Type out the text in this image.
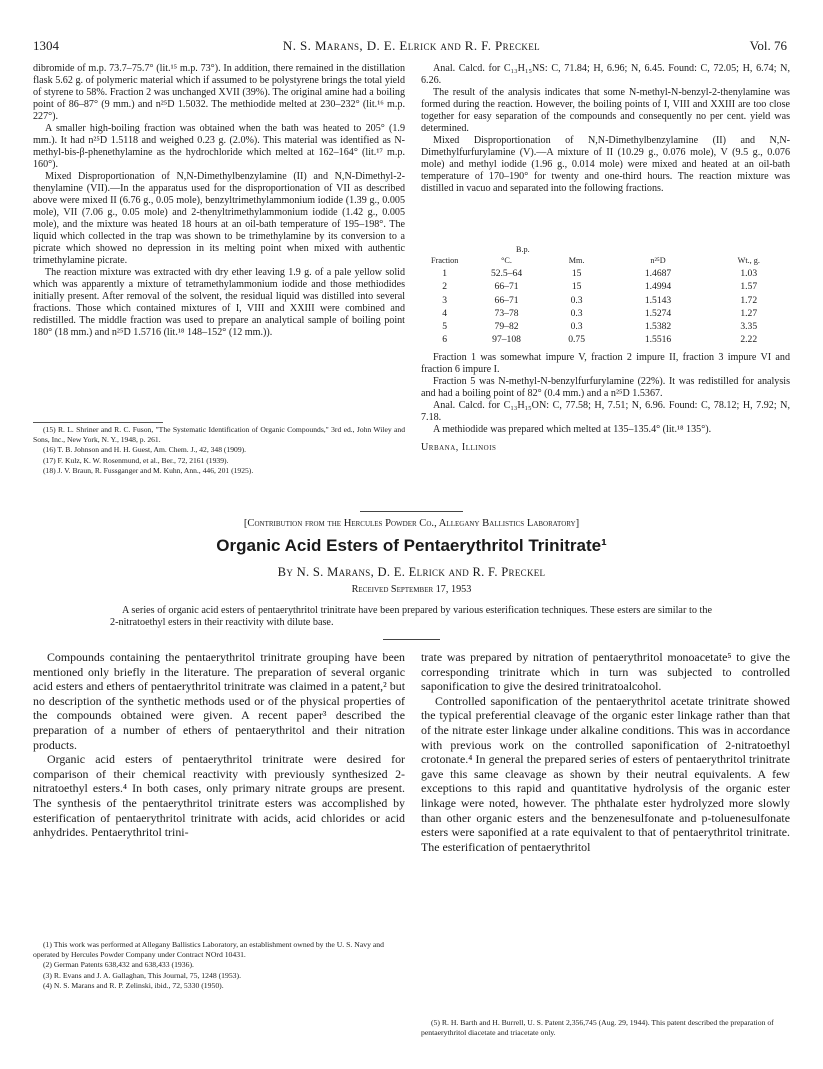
1304	N. S. Marans, D. E. Elrick and R. F. Preckel	Vol. 76

dibromide of m.p. 73.7–75.7° (lit.¹⁵ m.p. 73°). In addition, there remained in the distillation flask 5.62 g. of polymeric material which if assumed to be polystyrene brings the total yield of styrene to 58%. Fraction 2 was unchanged XVII (39%). The original amine had a boiling point of 86–87° (9 mm.) and n²⁵D 1.5032. The methiodide melted at 230–232° (lit.¹⁶ m.p. 227°).

A smaller high-boiling fraction was obtained when the bath was heated to 205° (1.9 mm.). It had n²⁵D 1.5118 and weighed 0.23 g. (2.0%). This material was identified as N-methyl-bis-β-phenethylamine as the hydrochloride which melted at 162–164° (lit.¹⁷ m.p. 160°).

Mixed Disproportionation of N,N-Dimethylbenzylamine (II) and N,N-Dimethyl-2-thenylamine (VII).—In the apparatus used for the disproportionation of VII as described above were mixed II (6.76 g., 0.05 mole), benzyltrimethylammonium iodide (1.39 g., 0.005 mole), VII (7.06 g., 0.05 mole) and 2-thenyltrimethylammonium iodide (1.42 g., 0.005 mole), and the mixture was heated 18 hours at an oil-bath temperature of 195–198°. The liquid which collected in the trap was shown to be trimethylamine by its conversion to a picrate which showed no depression in its melting point when mixed with authentic trimethylamine picrate.

The reaction mixture was extracted with dry ether leaving 1.9 g. of a pale yellow solid which was apparently a mixture of tetramethylammonium iodide and those methiodides initially present. After removal of the solvent, the residual liquid was distilled into several fractions. Those which contained mixtures of I, VIII and XXIII were combined and redistilled. The middle fraction was used to prepare an analytical sample of boiling point 180° (18 mm.) and n²⁵D 1.5716 (lit.¹⁸ 148–152° (12 mm.)).

(15) R. L. Shriner and R. C. Fuson, "The Systematic Identification of Organic Compounds," 3rd ed., John Wiley and Sons, Inc., New York, N. Y., 1948, p. 261.

(16) T. B. Johnson and H. H. Guest, Am. Chem. J., 42, 348 (1909).

(17) F. Kulz, K. W. Rosenmund, et al., Ber., 72, 2161 (1939).

(18) J. V. Braun, R. Fussganger and M. Kuhn, Ann., 446, 201 (1925).

Anal. Calcd. for C₁₃H₁₅NS: C, 71.84; H, 6.96; N, 6.45. Found: C, 72.05; H, 6.74; N, 6.26.

The result of the analysis indicates that some N-methyl-N-benzyl-2-thenylamine was formed during the reaction. However, the boiling points of I, VIII and XXIII are too close together for easy separation of the compounds and consequently no per cent. yield was determined.

Mixed Disproportionation of N,N-Dimethylbenzylamine (II) and N,N-Dimethylfurfurylamine (V).—A mixture of II (10.29 g., 0.076 mole), V (9.5 g., 0.076 mole) and methyl iodide (1.96 g., 0.014 mole) were mixed and heated at an oil-bath temperature of 170–190° for twenty and one-third hours. The reaction mixture was distilled in vacuo and separated into the following fractions.

B.p.
Fraction	°C.	Mm.	n²⁵D	Wt., g.
1	52.5–64	15	1.4687	1.03
2	66–71	15	1.4994	1.57
3	66–71	0.3	1.5143	1.72
4	73–78	0.3	1.5274	1.27
5	79–82	0.3	1.5382	3.35
6	97–108	0.75	1.5516	2.22

Fraction 1 was somewhat impure V, fraction 2 impure II, fraction 3 impure VI and fraction 6 impure I.

Fraction 5 was N-methyl-N-benzylfurfurylamine (22%). It was redistilled for analysis and had a boiling point of 82° (0.4 mm.) and a n²⁵D 1.5367.

Anal. Calcd. for C₁₃H₁₅ON: C, 77.58; H, 7.51; N, 6.96. Found: C, 78.12; H, 7.92; N, 7.18.

A methiodide was prepared which melted at 135–135.4° (lit.¹⁸ 135°).

Urbana, Illinois

[Contribution from the Hercules Powder Co., Allegany Ballistics Laboratory]
Organic Acid Esters of Pentaerythritol Trinitrate¹
By N. S. Marans, D. E. Elrick and R. F. Preckel
Received September 17, 1953
A series of organic acid esters of pentaerythritol trinitrate have been prepared by various esterification techniques. These esters are similar to the 2-nitratoethyl esters in their reactivity with dilute base.

Compounds containing the pentaerythritol trinitrate grouping have been mentioned only briefly in the literature. The preparation of several organic acid esters and ethers of pentaerythritol trinitrate was claimed in a patent,² but no description of the synthetic methods used or of the physical properties of the compounds obtained were given. A recent paper³ described the preparation of a number of ethers of pentaerythritol and their nitration products.

Organic acid esters of pentaerythritol trinitrate were desired for comparison of their chemical reactivity with previously synthesized 2-nitratoethyl esters.⁴ In both cases, only primary nitrate groups are present. The synthesis of the pentaerythritol trinitrate esters was accomplished by esterification of pentaerythritol trinitrate with acids, acid chlorides or acid anhydrides. Pentaerythritol trini-

(1) This work was performed at Allegany Ballistics Laboratory, an establishment owned by the U. S. Navy and operated by Hercules Powder Company under Contract NOrd 10431.

(2) German Patents 638,432 and 638,433 (1936).

(3) R. Evans and J. A. Gallaghan, This Journal, 75, 1248 (1953).

(4) N. S. Marans and R. P. Zelinski, ibid., 72, 5330 (1950).

trate was prepared by nitration of pentaerythritol monoacetate⁵ to give the corresponding trinitrate which in turn was subjected to controlled saponification to give the desired trinitratoalcohol.

Controlled saponification of the pentaerythritol acetate trinitrate showed the typical preferential cleavage of the organic ester linkage rather than that of the nitrate ester linkage under alkaline conditions. This was in accordance with previous work on the controlled saponification of 2-nitratoethyl crotonate.⁴ In general the prepared series of esters of pentaerythritol trinitrate gave this same cleavage as shown by their neutral equivalents. A few exceptions to this rapid and quantitative hydrolysis of the organic ester linkage were noted, however. The phthalate ester hydrolyzed more slowly than other organic esters and the benzenesulfonate and p-toluenesulfonate esters were saponified at a rate equivalent to that of pentaerythritol trinitrate. The esterification of pentaerythritol

(5) R. H. Barth and H. Burrell, U. S. Patent 2,356,745 (Aug. 29, 1944). This patent described the preparation of pentaerythritol diacetate and triacetate only.
